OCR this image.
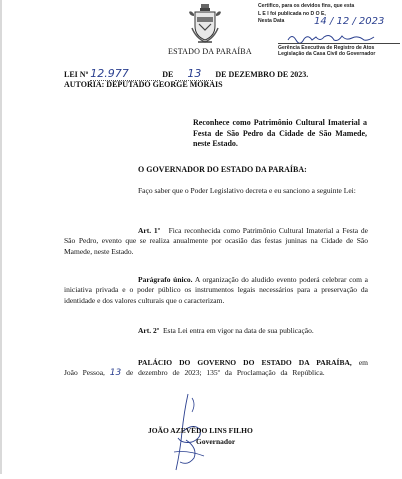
ESTADO DA PARAÍBA
Certifico, para os devidos fins, que esta
L E I foi publicada no D O E,
Nesta Data	14 / 12 / 2023
Gerência Executiva de Registro de Atos
Legislação da Casa Civil do Governador
LEI Nº 12.977	DE 13 DE DEZEMBRO DE 2023.
AUTORIA: DEPUTADO GEORGE MORAIS
Reconhece como Patrimônio Cultural Imaterial a Festa de São Pedro da Cidade de São Mamede, neste Estado.
O GOVERNADOR DO ESTADO DA PARAÍBA:
Faço saber que o Poder Legislativo decreta e eu sanciono a seguinte Lei:
Art. 1º Fica reconhecida como Patrimônio Cultural Imaterial a Festa de São Pedro, evento que se realiza anualmente por ocasião das festas juninas na Cidade de São Mamede, neste Estado.
Parágrafo único. A organização do aludido evento poderá celebrar com a iniciativa privada e o poder público os instrumentos legais necessários para a preservação da identidade e dos valores culturais que o caracterizam.
Art. 2º Esta Lei entra em vigor na data de sua publicação.
PALÁCIO DO GOVERNO DO ESTADO DA PARAÍBA, em João Pessoa, 13 de dezembro de 2023; 135º da Proclamação da República.
JOÃO AZEVÊDO LINS FILHO
Governador
